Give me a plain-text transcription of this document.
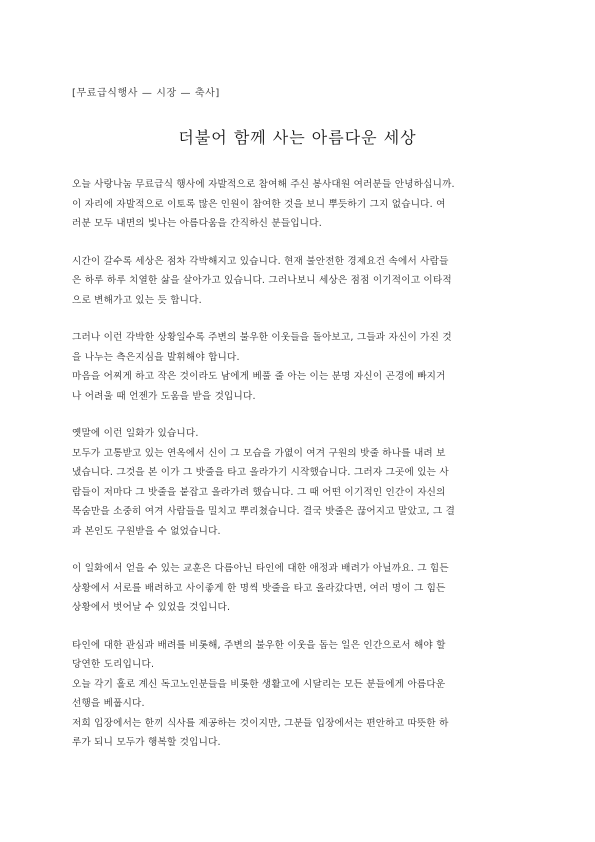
[무료급식행사 — 시장 — 축사]
더불어 함께 사는 아름다운 세상
오늘 사랑나눔 무료급식 행사에 자발적으로 참여해 주신 봉사대원 여러분들 안녕하십니까.
이 자리에 자발적으로 이토록 많은 인원이 참여한 것을 보니 뿌듯하기 그지 없습니다. 여
러분 모두 내면의 빛나는 아름다움을 간직하신 분들입니다.
시간이 갈수록 세상은 점차 각박해지고 있습니다. 현재 불안전한 경제요건 속에서 사람들
은 하루 하루 치열한 삶을 살아가고 있습니다. 그러나보니 세상은 점점 이기적이고 이타적
으로 변해가고 있는 듯 합니다.
그러나 이런 각박한 상황일수록 주변의 불우한 이웃들을 돌아보고, 그들과 자신이 가진 것
을 나누는 측은지심을 발휘해야 합니다.
마음을 어찌게 하고 작은 것이라도 남에게 베풀 줄 아는 이는 분명 자신이 곤경에 빠지거
나 어려울 때 언젠가 도움을 받을 것입니다.
옛말에 이런 일화가 있습니다.
모두가 고통받고 있는 연옥에서 신이 그 모습을 가엾이 여겨 구원의 밧줄 하나를 내려 보
냈습니다. 그것을 본 이가 그 밧줄을 타고 올라가기 시작했습니다. 그러자 그곳에 있는 사
람들이 저마다 그 밧줄을 붙잡고 올라가려 했습니다. 그 때 어떤 이기적인 인간이 자신의
목숨만을 소중히 여겨 사람들을 밀치고 뿌리쳤습니다. 결국 밧줄은 끊어지고 말았고, 그 결
과 본인도 구원받을 수 없었습니다.
이 일화에서 얻을 수 있는 교훈은 다름아닌 타인에 대한 애정과 배려가 아닐까요. 그 힘든
상황에서 서로를 배려하고 사이좋게 한 명씩 밧줄을 타고 올라갔다면, 여러 명이 그 힘든
상황에서 벗어날 수 있었을 것입니다.
타인에 대한 관심과 배려를 비롯해, 주변의 불우한 이웃을 돕는 일은 인간으로서 해야 할
당연한 도리입니다.
오늘 각기 홀로 계신 독고노인분들을 비롯한 생활고에 시달리는 모든 분들에게 아름다운
선행을 베풉시다.
저희 입장에서는 한끼 식사를 제공하는 것이지만, 그분들 입장에서는 편안하고 따뜻한 하
루가 되니 모두가 행복할 것입니다.
